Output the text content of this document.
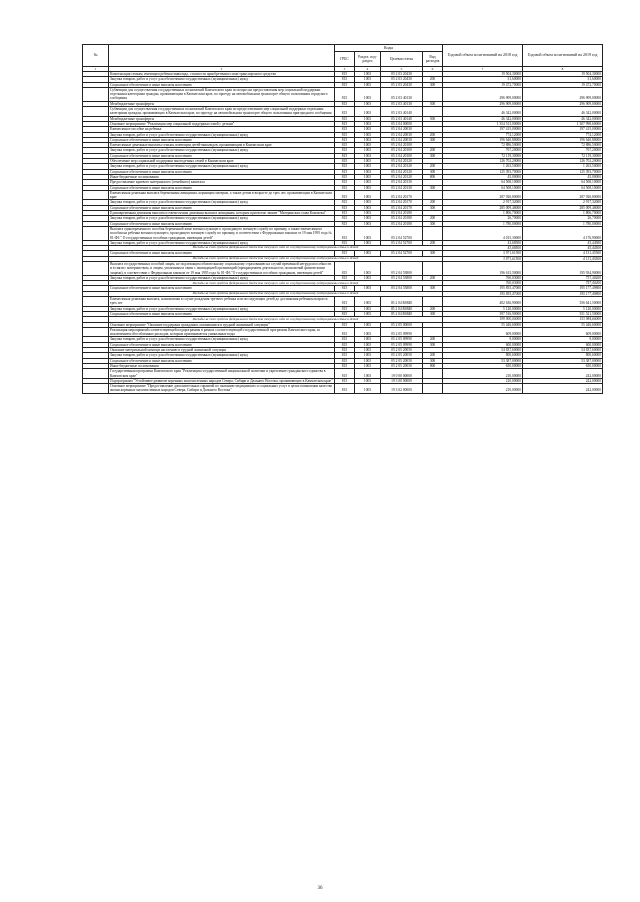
№		Коды				Годовой объем ассигнований на 2018 год	Годовой объем ассигнований на 2019 год
		ГРБС	Раздел, под-раздел	Целевая статья	Вид расходов		
1	2	3	4	5	6	7	8
	Компенсация семьям, имеющим ребенка-инвалида, стоимости приобретенного ими транспортного средства	815	1003	05 2 03 20430		19 504,30000	19 504,30000
	Закупка товаров, работ и услуг для обеспечения государственных (муниципальных) нужд	815	1003	05 2 03 20430	200	31,60000	31,60000
	Социальное обеспечение и иные выплаты населению	815	1003	05 2 03 20430	300	19 472,70000	19 472,70000
	Субвенции для осуществления государственных полномочий Камчатского края по вопросам предоставления мер социальной поддержки отдельным категориям граждан, проживающим в Камчатском крае, по проезду на автомобильном транспорте общего пользования городского сообщения	815	1003	05 2 03 40130		296 909,00000	296 909,00000
	Межбюджетные трансферты	815	1003	05 2 03 40130	500	296 909,00000	296 909,00000
	Субвенции для осуществления государственных полномочий Камчатского края по предоставлению мер социальной поддержки отдельным категориям граждан, проживающих в Камчатском крае, по проезду на автомобильном транспорте общего пользования пригородного сообщения	815	1003	05 2 03 40140		46 342,00000	46 342,00000
	Межбюджетные трансферты	815	1003	05 2 03 40140	500	46 342,00000	46 342,00000
	Основное мероприятие "Реализация мер социальной поддержки семей с детьми"	815	1003	05 2 04 00000		1 354 513,00000	1 307 998,60000
	Ежемесячное пособие на ребенка	815	1003	05 2 04 20030		197 415,00000	197 415,00000
	Закупка товаров, работ и услуг для обеспечения государственных (муниципальных) нужд	815	1003	05 2 04 20030	200	774,12000	774,12000
	Социальное обеспечение и иные выплаты населению	815	1003	05 2 04 20030	300	196 640,88000	196 640,88000
	Ежемесячные денежные выплаты семьям, имеющим детей-инвалидов, проживающим в Камчатском крае	815	1003	05 2 04 20100		72 886,50000	72 886,50000
	Закупка товаров, работ и услуг для обеспечения государственных (муниципальных) нужд	815	1003	05 2 04 20100	200	767,20000	767,20000
	Социальное обеспечение и иные выплаты населению	815	1003	05 2 04 20100	300	72 119,30000	72 119,30000
	Обеспечение мер социальной поддержки многодетных семей в Камчатском крае	815	1003	05 2 04 20120		126 702,20000	126 702,20000
	Закупка товаров, работ и услуг для обеспечения государственных (муниципальных) нужд	815	1003	05 2 04 20120	200	1 263,50000	1 263,50000
	Социальное обеспечение и иные выплаты населению	815	1003	05 2 04 20120	300	125 393,70000	125 393,70000
	Иные бюджетные ассигнования	815	1003	05 2 04 20120	800	45,00000	45,00000
	Предоставление краевого материнского (семейного) капитала	815	1003	05 2 04 20130		64 508,10000	64 508,10000
	Социальное обеспечение и иные выплаты населению	815	1003	05 2 04 20130	300	64 508,10000	64 508,10000
	Ежемесячная денежная выплата беременным женщинам, кормящим матерям, а также детям в возрасте до трех лет, проживающим в Камчатском крае	815	1003	05 2 04 20170		287 926,80000	287 926,80000
	Закупка товаров, работ и услуг для обеспечения государственных (муниципальных) нужд	815	1003	05 2 04 20170	200	2 917,32000	2 917,32000
	Социальное обеспечение и иные выплаты населению	815	1003	05 2 04 20170	300	285 009,48000	285 009,48000
	Единовременная денежная выплата и ежемесячная денежная выплата женщинам, которым присвоено звание "Материнская слава Камчатки"	815	1003	05 2 04 20180		1 806,70000	1 806,70000
	Закупка товаров, работ и услуг для обеспечения государственных (муниципальных) нужд	815	1003	05 2 04 20180	200	26,70000	26,70000
	Социальное обеспечение и иные выплаты населению	815	1003	05 2 04 20180	300	1 780,00000	1 780,00000
	Выплата единовременного пособия беременной жене военнослужащего, проходящего военную службу по призыву, а также ежемесячного пособия на ребенка военнослужащего, проходящего военную службу по призыву, в соответствии с Федеральным законом от 19 мая 1995 года № 81-ФЗ " О государственных пособиях гражданам, имеющим детей"	815	1003	05 2 04 52700		4 015,30000	4 176,90000
	Закупка товаров, работ и услуг для обеспечения государственных (муниципальных) нужд	815	1003	05 2 04 52700	200	43,68500	45,44500
	Расходы за счет средств федерального бюджета текущего года по государственному подпрограммы семьи и детей					43,68500	45,44500
	Социальное обеспечение и иные выплаты населению	815	1003	05 2 04 52700	300	3 971,61500	4 131,45500
	Расходы за счет средств федерального бюджета текущего года по государственному подпрограммы семьи и детей					3 971,61500	4 131,45500
	Выплата государственных пособий лицам, не подлежащим обязательному социальному страхованию на случай временной нетрудоспособности и в связи с материнством, и лицам, уволенным в связи с ликвидацией организаций (прекращением деятельности, полномочий физическими лицами), в соответствии с Федеральным законом от 19 мая 1995 года № 81-ФЗ "О государственных пособиях гражданам, имеющим детей"	815	1003	05 2 04 53800		196 615,50000	195 934,90000
	Закупка товаров, работ и услуг для обеспечения государственных (муниципальных) нужд	815	1003	05 2 04 53800	200	760,03000	757,40200
	Расходы за счет средств федерального бюджета текущего года по государственному подпрограммы семьи и детей					760,03000	757,40200
	Социальное обеспечение и иные выплаты населению	815	1003	05 2 04 53800	300	195 855,47000	195 177,49800
	Расходы за счет средств федерального бюджета текущего года по государственному подпрограммы семьи и детей					195 855,47000	195 177,49800
	Ежемесячная денежная выплата, назначаемая в случае рождения третьего ребенка или последующих детей до достижения ребенком возраста трех лет	815	1003	05 2 04 R0840		402 636,90000	356 641,50000
	Закупка товаров, работ и услуг для обеспечения государственных (муниципальных) нужд	815	1003	05 2 04 R0840	200	5 120,00000	5 120,00000
	Социальное обеспечение и иные выплаты населению	815	1003	05 2 04 R0840	300	397 516,90000	351 521,50000
	Расходы за счет средств федерального бюджета текущего года по государственному подпрограммы семьи и детей					199 900,00000	153 984,60000
	Основное мероприятие "Оказание поддержки гражданам, оказавшимся в трудной жизненной ситуации"	815	1003	05 2 05 00000		55 446,60000	55 446,60000
	Реализация мероприятий соответствующей подпрограммы в рамках соответствующей государственной программы Камчатского края, за исключением обособленных расходов, которым присваиваются уникальные коды	815	1003	05 2 05 09990		609,00000	609,00000
	Закупка товаров, работ и услуг для обеспечения государственных (муниципальных) нужд	815	1003	05 2 05 09990	200	9,00000	9,00000
	Социальное обеспечение и иные выплаты населению	815	1003	05 2 05 09990	300	600,00000	600,00000
	Оказание материальной помощи населению в трудной жизненной ситуации	815	1003	05 2 05 20050		54 837,60000	54 837,60000
	Закупка товаров, работ и услуг для обеспечения государственных (муниципальных) нужд	815	1003	05 2 05 20050	200	800,60000	800,60000
	Социальное обеспечение и иные выплаты населению	815	1003	05 2 05 20050	300	53 387,00000	53 387,00000
	Иные бюджетные ассигнования	815	1003	05 2 05 20050	800	650,00000	650,00000
	Государственная программа Камчатского края "Реализация государственной национальной политики и укрепление гражданского единства в Камчатском крае"	815	1003	19 0 00 00000		210,00000	242,00000
	Подпрограмма "Устойчивое развитие коренных малочисленных народов Севера, Сибири и Дальнего Востока, проживающих в Камчатском крае"	815	1003	19 3 00 00000		210,00000	242,00000
	Основное мероприятие "Предоставление дополнительных гарантий по оказанию медицинских и социальных услуг в целях повышения качества жизни коренных малочисленных народов Севера, Сибири и Дальнего Востока"	815	1003	19 3 02 00000		210,00000	242,00000
36
